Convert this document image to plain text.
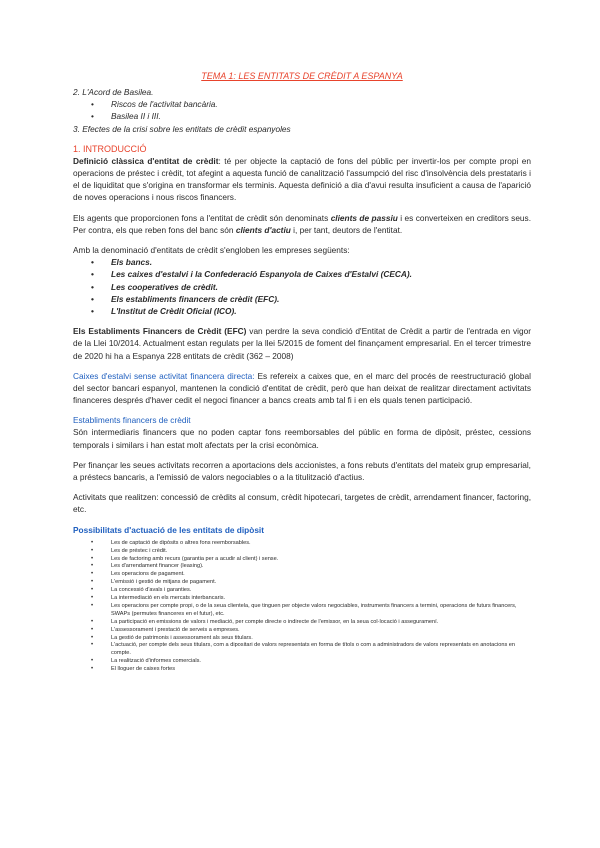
TEMA 1: LES ENTITATS DE CRÈDIT A ESPANYA

2. L'Acord de Basilea.

• Riscos de l'activitat bancària.
• Basilea II i III.

3. Efectes de la crisi sobre les entitats de crèdit espanyoles

1. INTRODUCCIÓ

Definició clàssica d'entitat de crèdit: té per objecte la captació de fons del públic per invertir-los per compte propi en operacions de préstec i crèdit, tot afegint a aquesta funció de canalització l'assumpció del risc d'insolvència dels prestataris i el de liquiditat que s'origina en transformar els terminis. Aquesta definició a dia d'avui resulta insuficient a causa de l'aparició de noves operacions i nous riscos financers.

Els agents que proporcionen fons a l'entitat de crèdit són denominats clients de passiu i es converteixen en creditors seus. Per contra, els que reben fons del banc són clients d'actiu i, per tant, deutors de l'entitat.

Amb la denominació d'entitats de crèdit s'engloben les empreses següents:

• Els bancs.
• Les caixes d'estalvi i la Confederació Espanyola de Caixes d'Estalvi (CECA).
• Les cooperatives de crèdit.
• Els establiments financers de crèdit (EFC).
• L'Institut de Crèdit Oficial (ICO).

Els Establiments Financers de Crèdit (EFC) van perdre la seva condició d'Entitat de Crèdit a partir de l'entrada en vigor de la Llei 10/2014. Actualment estan regulats per la llei 5/2015 de foment del finançament empresarial. En el tercer trimestre de 2020 hi ha a Espanya 228 entitats de crèdit (362 – 2008)

Caixes d'estalvi sense activitat financera directa: Es refereix a caixes que, en el marc del procés de reestructuració global del sector bancari espanyol, mantenen la condició d'entitat de crèdit, però que han deixat de realitzar directament activitats financeres després d'haver cedit el negoci financer a bancs creats amb tal fi i en els quals tenen participació.

Establiments financers de crèdit

Són intermediaris financers que no poden captar fons reemborsables del públic en forma de dipòsit, préstec, cessions temporals i similars i han estat molt afectats per la crisi econòmica.

Per finançar les seues activitats recorren a aportacions dels accionistes, a fons rebuts d'entitats del mateix grup empresarial, a préstecs bancaris, a l'emissió de valors negociables o a la titulització d'actius.

Activitats que realitzen: concessió de crèdits al consum, crèdit hipotecari, targetes de crèdit, arrendament financer, factoring, etc.

Possibilitats d'actuació de les entitats de dipòsit

• Les de captació de dipòsits o altres fons reemborsables.
• Les de préstec i crèdit.
• Les de factoring amb recurs (garantia per a acudir al client) i sense.
• Les d'arrendament financer (leasing).
• Les operacions de pagament.
• L'emissió i gestió de mitjans de pagament.
• La concessió d'avals i garanties.
• La intermediació en els mercats interbancaris.
• Les operacions per compte propi, o de la seua clientela, que tinguen per objecte valors negociables, instruments financers a termini, operacions de futurs financers, SWAPs (permutes financeres en el futur), etc.
• La participació en emissions de valors i mediació, per compte directe o indirecte de l'emissor, en la seua col·locació i asseguramení.
• L'assessorament i prestació de serveis a empreses.
• La gestió de patrimonis i assessorament als seus titulars.
• L'actuació, per compte dels seus titulars, com a dipositari de valors representats en forma de títols o com a administradors de valors representats en anotacions en compte.
• La realització d'informes comercials.
• El lloguer de caixes fortes
